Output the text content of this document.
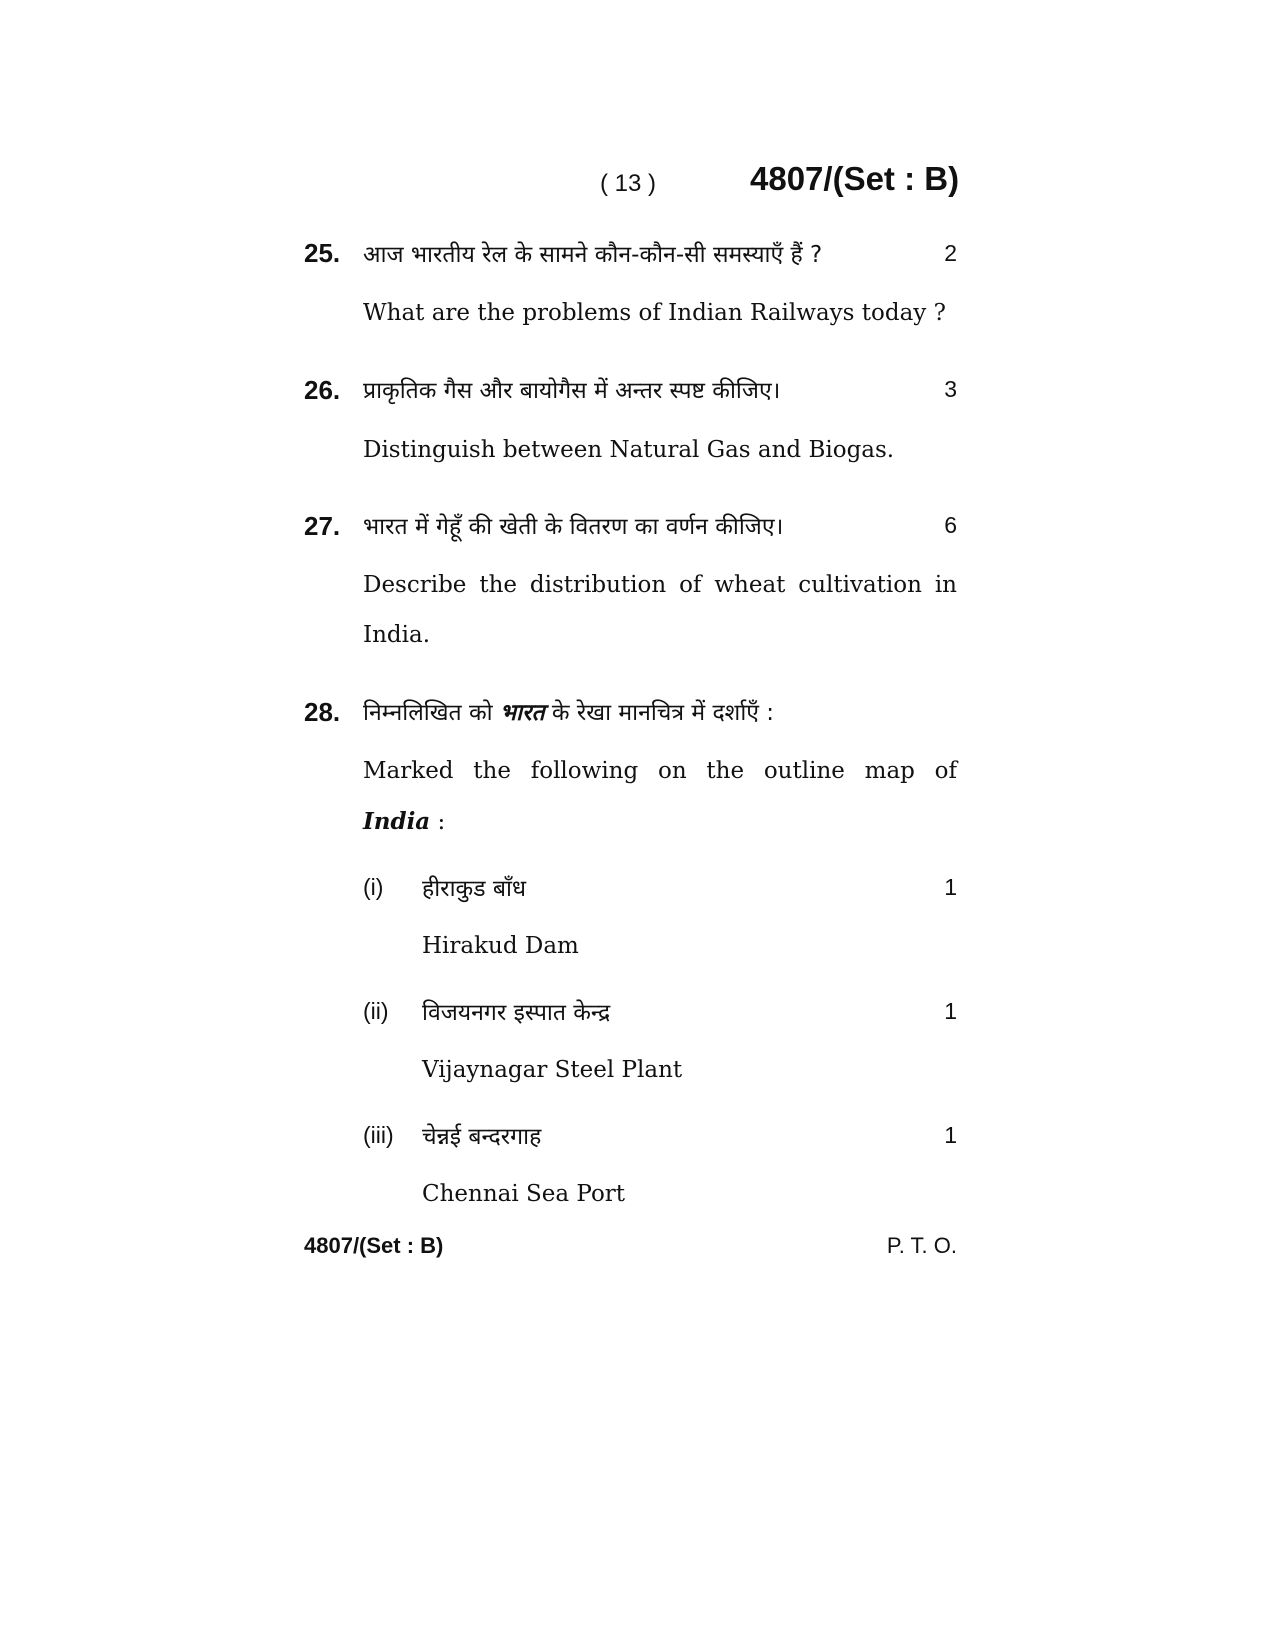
( 13 )	4807/(Set : B)
25. आज भारतीय रेल के सामने कौन-कौन-सी समस्याएँ हैं ?	2
What are the problems of Indian Railways today ?
26. प्राकृतिक गैस और बायोगैस में अन्तर स्पष्ट कीजिए।	3
Distinguish between Natural Gas and Biogas.
27. भारत में गेहूँ की खेती के वितरण का वर्णन कीजिए।	6
Describe the distribution of wheat cultivation in
India.
28. निम्नलिखित को भारत के रेखा मानचित्र में दर्शाएँ :
Marked the following on the outline map of
India :
(i) हीराकुड बाँध	1
Hirakud Dam
(ii) विजयनगर इस्पात केन्द्र	1
Vijaynagar Steel Plant
(iii) चेन्नई बन्दरगाह	1
Chennai Sea Port
4807/(Set : B)	P. T. O.
